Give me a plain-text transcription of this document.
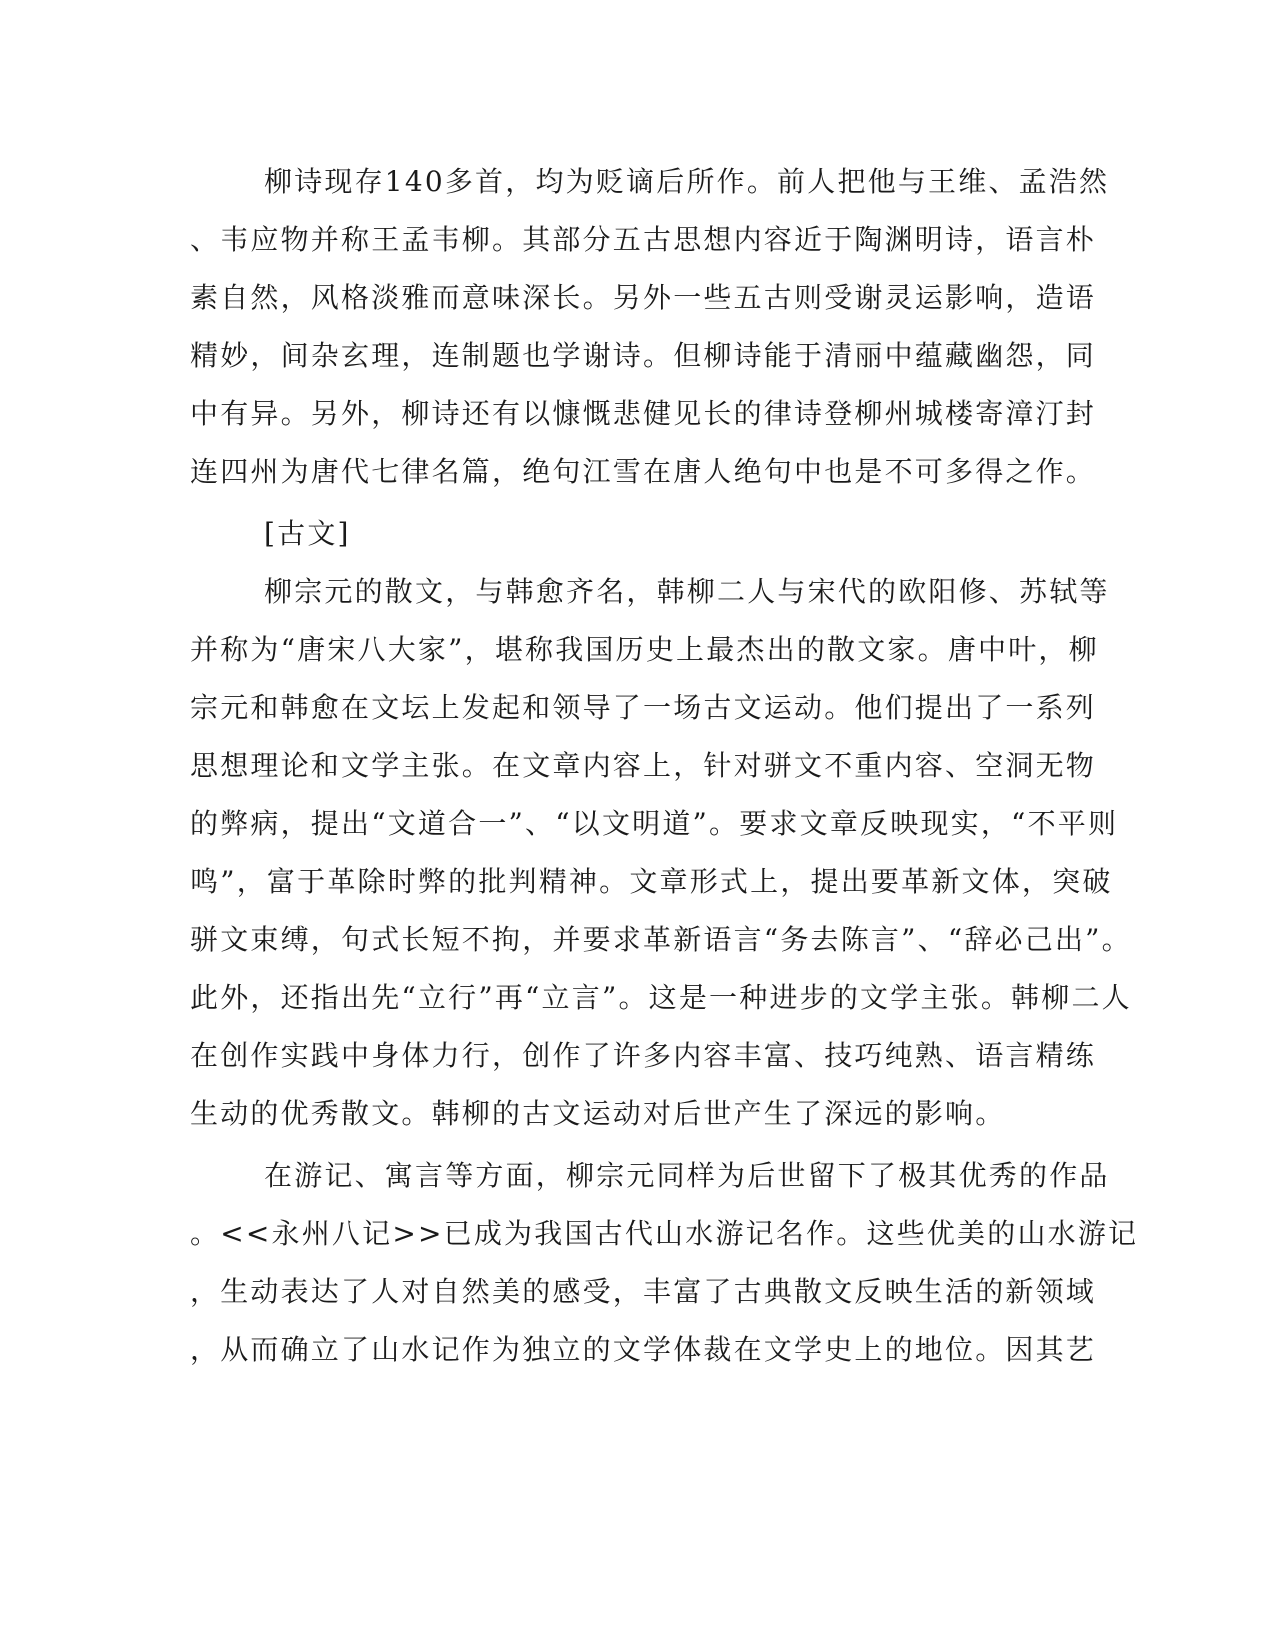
柳诗现存140多首，均为贬谪后所作。前人把他与王维、孟浩然
、韦应物并称王孟韦柳。其部分五古思想内容近于陶渊明诗，语言朴
素自然，风格淡雅而意味深长。另外一些五古则受谢灵运影响，造语
精妙，间杂玄理，连制题也学谢诗。但柳诗能于清丽中蕴藏幽怨，同
中有异。另外，柳诗还有以慷慨悲健见长的律诗登柳州城楼寄漳汀封
连四州为唐代七律名篇，绝句江雪在唐人绝句中也是不可多得之作。
[古文]
柳宗元的散文，与韩愈齐名，韩柳二人与宋代的欧阳修、苏轼等
并称为“唐宋八大家”，堪称我国历史上最杰出的散文家。唐中叶，柳
宗元和韩愈在文坛上发起和领导了一场古文运动。他们提出了一系列
思想理论和文学主张。在文章内容上，针对骈文不重内容、空洞无物
的弊病，提出“文道合一”、“以文明道”。要求文章反映现实，“不平则
鸣”，富于革除时弊的批判精神。文章形式上，提出要革新文体，突破
骈文束缚，句式长短不拘，并要求革新语言“务去陈言”、“辞必己出”。
此外，还指出先“立行”再“立言”。这是一种进步的文学主张。韩柳二人
在创作实践中身体力行，创作了许多内容丰富、技巧纯熟、语言精练
生动的优秀散文。韩柳的古文运动对后世产生了深远的影响。
在游记、寓言等方面，柳宗元同样为后世留下了极其优秀的作品
。<<永州八记>>已成为我国古代山水游记名作。这些优美的山水游记
，生动表达了人对自然美的感受，丰富了古典散文反映生活的新领域
，从而确立了山水记作为独立的文学体裁在文学史上的地位。因其艺
